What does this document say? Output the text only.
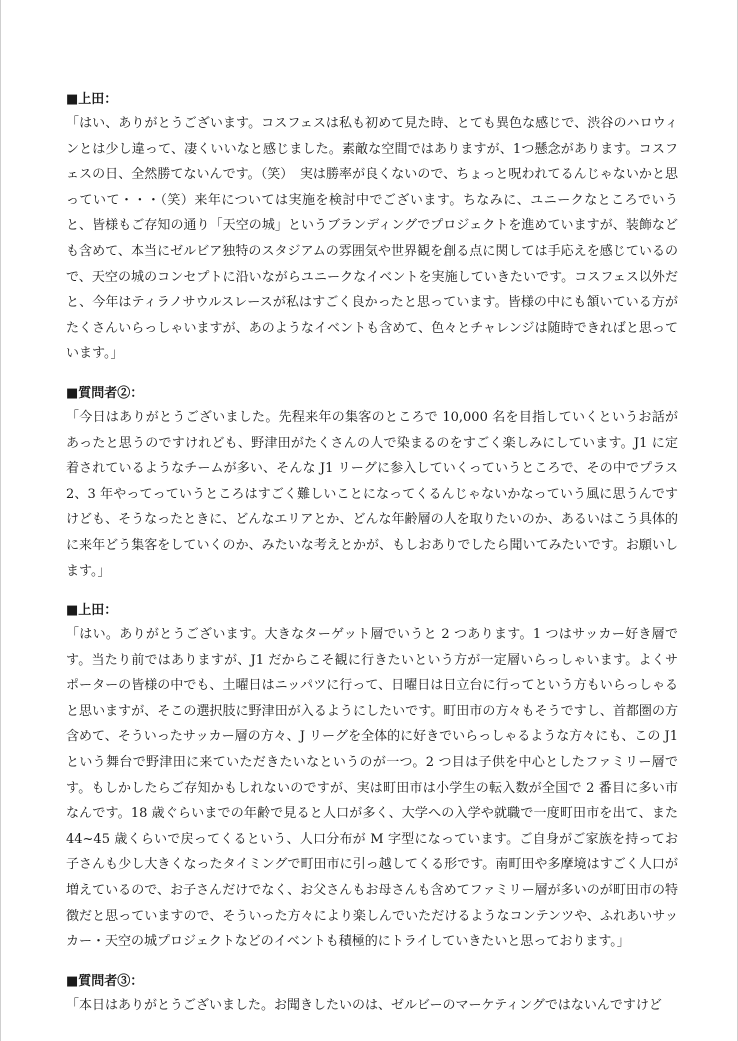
■上田：

「はい、ありがとうございます。コスフェスは私も初めて見た時、とても異色な感じで、渋谷のハロウィンとは少し違って、凄くいいなと感じました。素敵な空間ではありますが、1つ懸念があります。コスフェスの日、全然勝てないんです。（笑）　実は勝率が良くないので、ちょっと呪われてるんじゃないかと思っていて・・・（笑）来年については実施を検討中でございます。ちなみに、ユニークなところでいうと、皆様もご存知の通り「天空の城」というブランディングでプロジェクトを進めていますが、装飾なども含めて、本当にゼルビア独特のスタジアムの雰囲気や世界観を創る点に関しては手応えを感じているので、天空の城のコンセプトに沿いながらユニークなイベントを実施していきたいです。コスフェス以外だと、今年はティラノサウルスレースが私はすごく良かったと思っています。皆様の中にも頷いている方がたくさんいらっしゃいますが、あのようなイベントも含めて、色々とチャレンジは随時できればと思っています。」

■質問者②：

「今日はありがとうございました。先程来年の集客のところで 10,000 名を目指していくというお話があったと思うのですけれども、野津田がたくさんの人で染まるのをすごく楽しみにしています。J1 に定着されているようなチームが多い、そんな J1 リーグに参入していくっていうところで、その中でプラス 2、3 年やってっていうところはすごく難しいことになってくるんじゃないかなっていう風に思うんですけども、そうなったときに、どんなエリアとか、どんな年齢層の人を取りたいのか、あるいはこう具体的に来年どう集客をしていくのか、みたいな考えとかが、もしおありでしたら聞いてみたいです。お願いします。」

■上田：

「はい。ありがとうございます。大きなターゲット層でいうと 2 つあります。1 つはサッカー好き層です。当たり前ではありますが、J1 だからこそ観に行きたいという方が一定層いらっしゃいます。よくサポーターの皆様の中でも、土曜日はニッパツに行って、日曜日は日立台に行ってという方もいらっしゃると思いますが、そこの選択肢に野津田が入るようにしたいです。町田市の方々もそうですし、首都圏の方含めて、そういったサッカー層の方々、J リーグを全体的に好きでいらっしゃるような方々にも、この J1 という舞台で野津田に来ていただきたいなというのが一つ。2 つ目は子供を中心としたファミリー層です。もしかしたらご存知かもしれないのですが、実は町田市は小学生の転入数が全国で 2 番目に多い市なんです。18 歳ぐらいまでの年齢で見ると人口が多く、大学への入学や就職で一度町田市を出て、また 44~45 歳くらいで戻ってくるという、人口分布が M 字型になっています。ご自身がご家族を持ってお子さんも少し大きくなったタイミングで町田市に引っ越してくる形です。南町田や多摩境はすごく人口が増えているので、お子さんだけでなく、お父さんもお母さんも含めてファミリー層が多いのが町田市の特徴だと思っていますので、そういった方々により楽しんでいただけるようなコンテンツや、ふれあいサッカー・天空の城プロジェクトなどのイベントも積極的にトライしていきたいと思っております。」

■質問者③：

「本日はありがとうございました。お聞きしたいのは、ゼルビーのマーケティングではないんですけど
